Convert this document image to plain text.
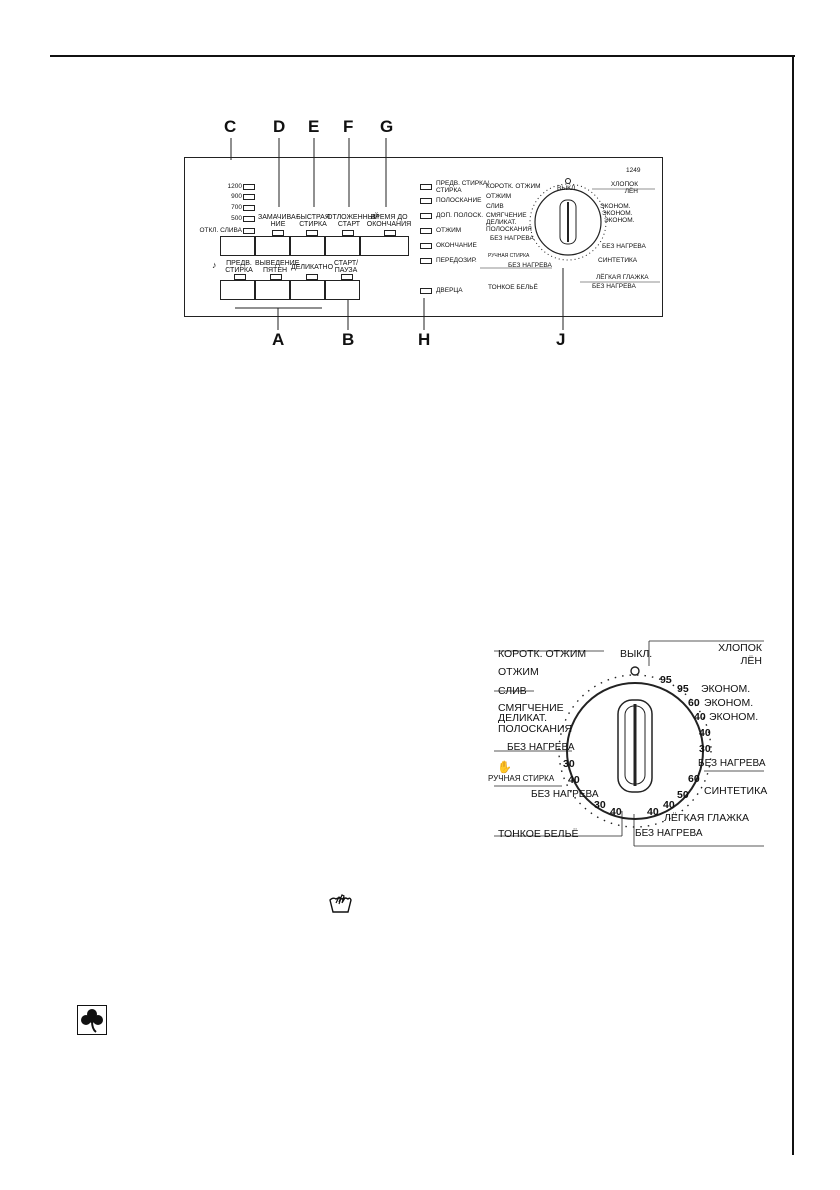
C D E F G
A	B	H	J
1249
1200
900
700
500
ОТКЛ. СЛИВА
ЗАМАЧИВА-НИЕ
БЫСТРАЯ СТИРКА
ОТЛОЖЕННЫЙ СТАРТ
ВРЕМЯ ДО ОКОНЧАНИЯ
♪	ПРЕДВ. СТИРКА
ВЫВЕДЕНИЕ ПЯТЕН ДЕЛИКАТНО
СТАРТ/ ПАУЗА
ПРЕДВ. СТИРКА/ СТИРКА
ПОЛОСКАНИЕ
ДОП. ПОЛОСК.
ОТЖИМ
ОКОНЧАНИЕ
ПЕРЕДОЗИР.
ДВЕРЦА
КОРОТК. ОТЖИМ
ОТЖИМ
СЛИВ
СМЯГЧЕНИЕ
ДЕЛИКАТ. ПОЛОСКАНИЯ
БЕЗ НАГРЕВА
РУЧНАЯ СТИРКА
БЕЗ НАГРЕВА
ТОНКОЕ БЕЛЬЁ
ВЫКЛ.
ХЛОПОК ЛЁН
ЭКОНОМ.
ЭКОНОМ.
ЭКОНОМ.
БЕЗ НАГРЕВА
СИНТЕТИКА
ЛЁГКАЯ ГЛАЖКА
БЕЗ НАГРЕВА
КОРОТК. ОТЖИМ
ОТЖИМ
СЛИВ
СМЯГЧЕНИЕ
ДЕЛИКАТ. ПОЛОСКАНИЯ
БЕЗ НАГРЕВА
✋
РУЧНАЯ СТИРКА
БЕЗ НАГРЕВА
ТОНКОЕ БЕЛЬЁ
ВЫКЛ.	ХЛОПОК ЛЁН
ЭКОНОМ.
ЭКОНОМ.
ЭКОНОМ.
БЕЗ НАГРЕВА
СИНТЕТИКА
ЛЁГКАЯ ГЛАЖКА
БЕЗ НАГРЕВА
95
95
60
40
40
30
60
50
40
40
30
40
30
40
